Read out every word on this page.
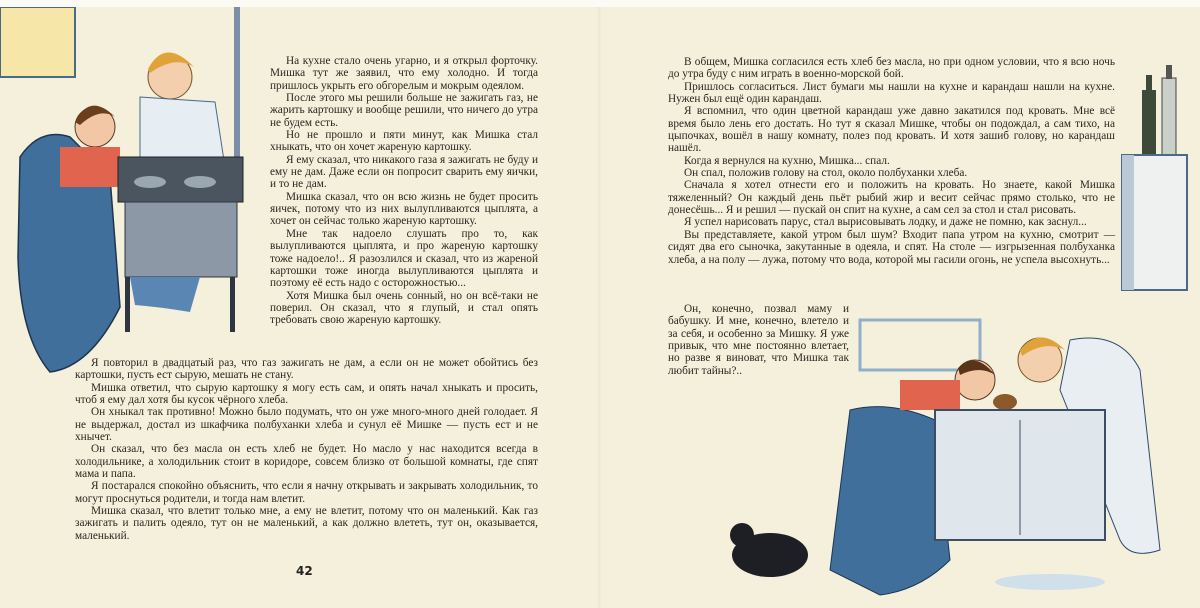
На кухне стало очень угарно, и я открыл форточку. Мишка тут же заявил, что ему холодно. И тогда пришлось укрыть его обгорелым и мокрым одеялом.

После этого мы решили больше не зажигать газ, не жарить картошку и вообще решили, что ничего до утра не будем есть.

Но не прошло и пяти минут, как Мишка стал хныкать, что он хочет жареную картошку.

Я ему сказал, что никакого газа я зажигать не буду и ему не дам. Даже если он попросит сварить ему яички, и то не дам.

Мишка сказал, что он всю жизнь не будет просить яичек, потому что из них вылупливаются цыплята, а хочет он сейчас только жареную картошку.

Мне так надоело слушать про то, как вылупливаются цыплята, и про жареную картошку тоже надоело!.. Я разозлился и сказал, что из жареной картошки тоже иногда вылупливаются цыплята и поэтому её есть надо с осторожностью...

Хотя Мишка был очень сонный, но он всё-таки не поверил. Он сказал, что я глупый, и стал опять требовать свою жареную картошку.

Я повторил в двадцатый раз, что газ зажигать не дам, а если он не может обойтись без картошки, пусть ест сырую, мешать не стану.

Мишка ответил, что сырую картошку я могу есть сам, и опять начал хныкать и просить, чтоб я ему дал хотя бы кусок чёрного хлеба.

Он хныкал так противно! Можно было подумать, что он уже много-много дней голодает. Я не выдержал, достал из шкафчика полбуханки хлеба и сунул её Мишке — пусть ест и не хнычет.

Он сказал, что без масла он есть хлеб не будет. Но масло у нас находится всегда в холодильнике, а холодильник стоит в коридоре, совсем близко от большой комнаты, где спят мама и папа.

Я постарался спокойно объяснить, что если я начну открывать и закрывать холодильник, то могут проснуться родители, и тогда нам влетит.

Мишка сказал, что влетит только мне, а ему не влетит, потому что он маленький. Как газ зажигать и палить одеяло, тут он не маленький, а как должно влететь, тут он, оказывается, маленький.

42

В общем, Мишка согласился есть хлеб без масла, но при одном условии, что я всю ночь до утра буду с ним играть в военно-морской бой.

Пришлось согласиться. Лист бумаги мы нашли на кухне и карандаш нашли на кухне. Нужен был ещё один карандаш.

Я вспомнил, что один цветной карандаш уже давно закатился под кровать. Мне всё время было лень его достать. Но тут я сказал Мишке, чтобы он подождал, а сам тихо, на цыпочках, вошёл в нашу комнату, полез под кровать. И хотя зашиб голову, но карандаш нашёл.

Когда я вернулся на кухню, Мишка... спал.

Он спал, положив голову на стол, около полбуханки хлеба.

Сначала я хотел отнести его и положить на кровать. Но знаете, какой Мишка тяжеленный? Он каждый день пьёт рыбий жир и весит сейчас прямо столько, что не донесёшь... Я и решил — пускай он спит на кухне, а сам сел за стол и стал рисовать.

Я успел нарисовать парус, стал вырисовывать лодку, и даже не помню, как заснул...

Вы представляете, какой утром был шум? Входит папа утром на кухню, смотрит — сидят два его сыночка, закутанные в одеяла, и спят. На столе — изгрызенная полбуханка хлеба, а на полу — лужа, потому что вода, которой мы гасили огонь, не успела высохнуть...

Он, конечно, позвал маму и бабушку. И мне, конечно, влетело и за себя, и особенно за Мишку. Я уже привык, что мне постоянно влетает, но разве я виноват, что Мишка так любит тайны?..
